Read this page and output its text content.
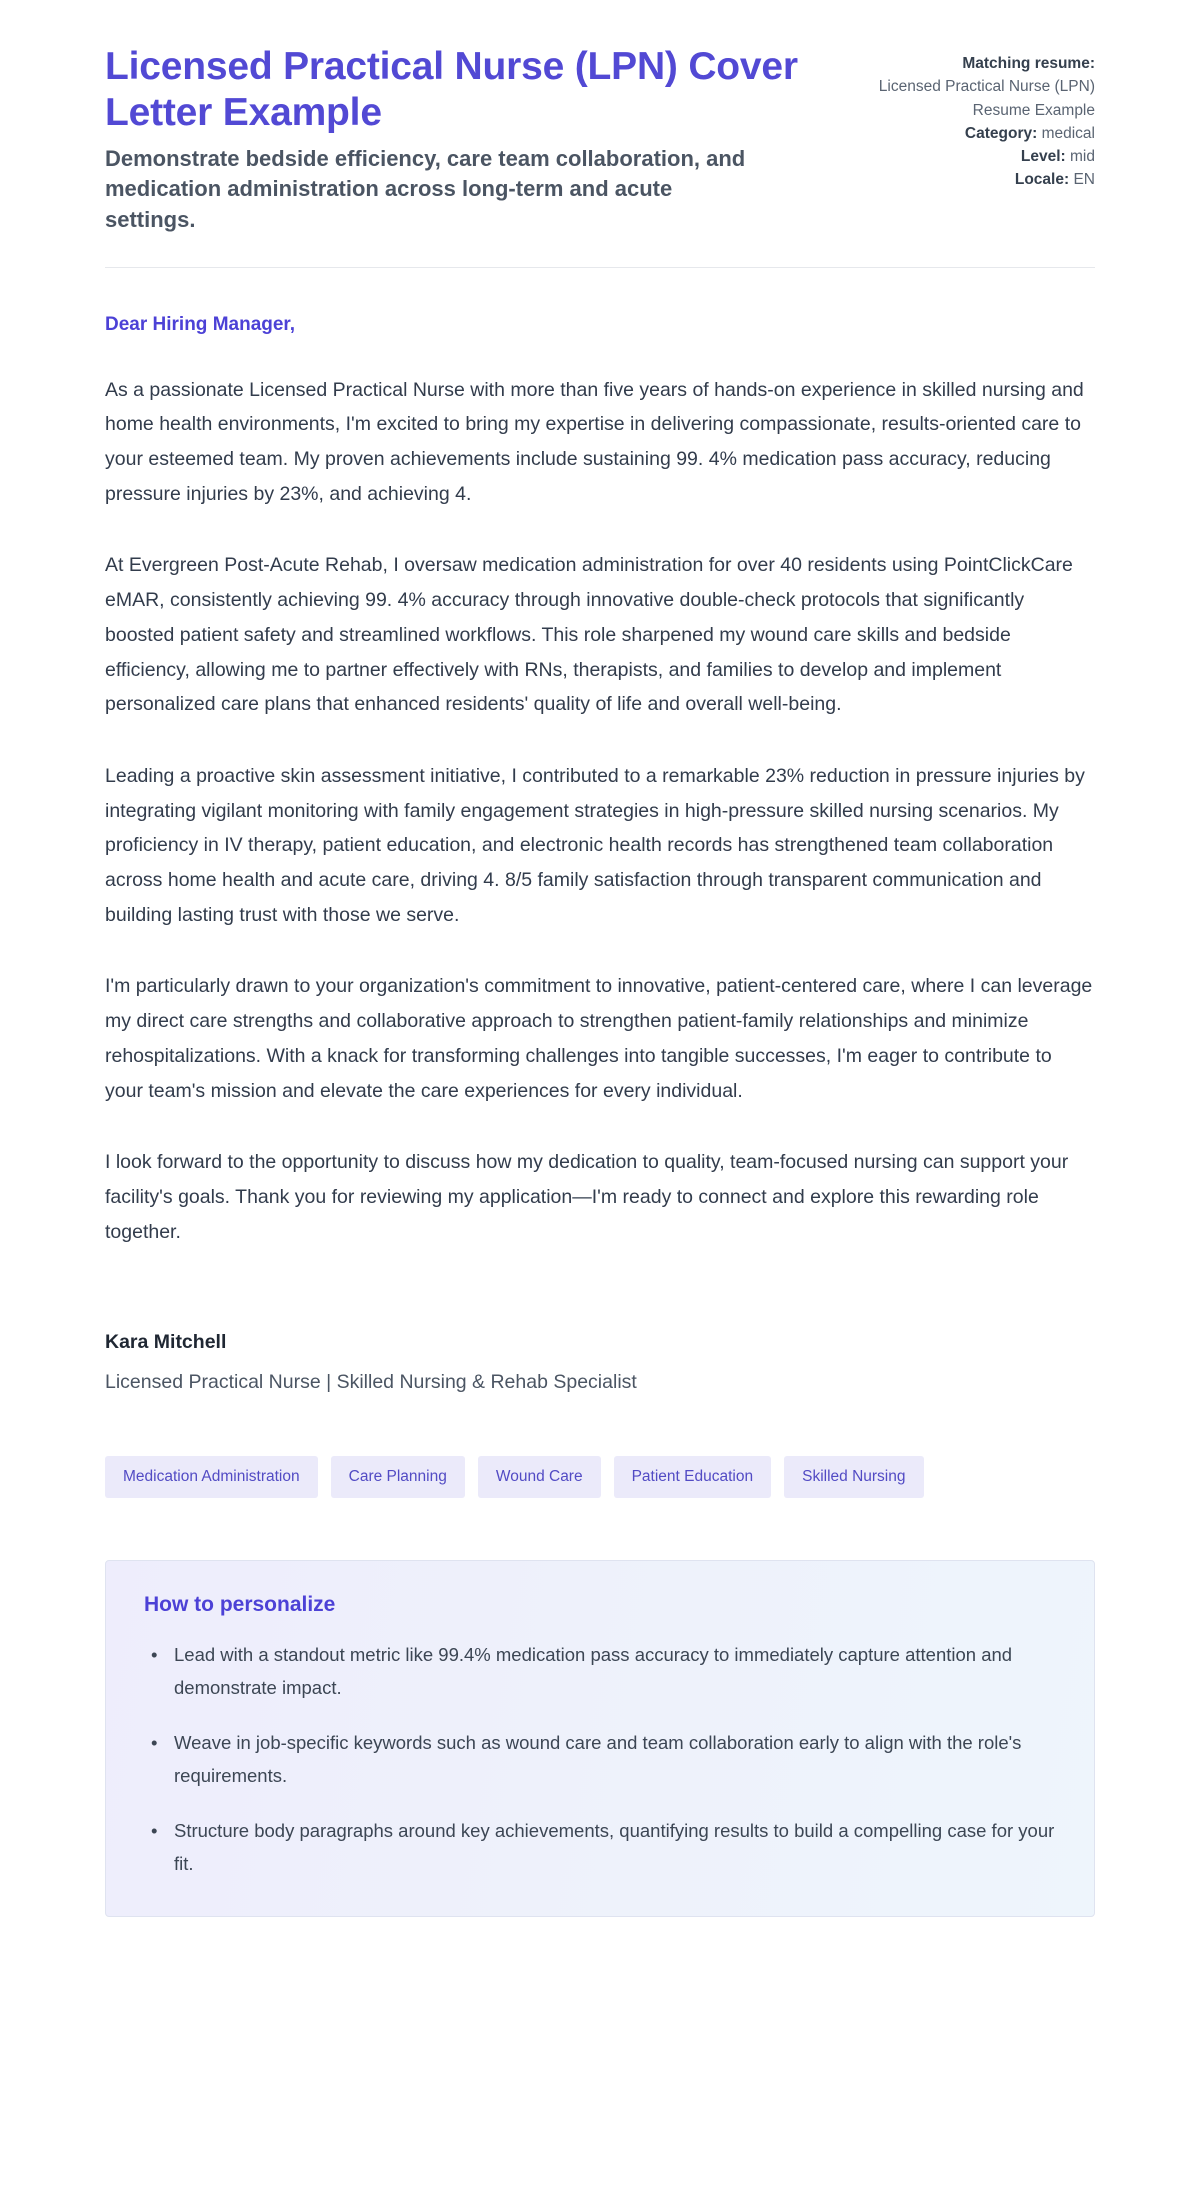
Licensed Practical Nurse (LPN) Cover Letter Example

Demonstrate bedside efficiency, care team collaboration, and medication administration across long-term and acute settings.

Matching resume:
Licensed Practical Nurse (LPN) Resume Example
Category: medical
Level: mid
Locale: EN

Dear Hiring Manager,

As a passionate Licensed Practical Nurse with more than five years of hands-on experience in skilled nursing and home health environments, I'm excited to bring my expertise in delivering compassionate, results-oriented care to your esteemed team. My proven achievements include sustaining 99. 4% medication pass accuracy, reducing pressure injuries by 23%, and achieving 4.

At Evergreen Post-Acute Rehab, I oversaw medication administration for over 40 residents using PointClickCare eMAR, consistently achieving 99. 4% accuracy through innovative double-check protocols that significantly boosted patient safety and streamlined workflows. This role sharpened my wound care skills and bedside efficiency, allowing me to partner effectively with RNs, therapists, and families to develop and implement personalized care plans that enhanced residents' quality of life and overall well-being.

Leading a proactive skin assessment initiative, I contributed to a remarkable 23% reduction in pressure injuries by integrating vigilant monitoring with family engagement strategies in high-pressure skilled nursing scenarios. My proficiency in IV therapy, patient education, and electronic health records has strengthened team collaboration across home health and acute care, driving 4. 8/5 family satisfaction through transparent communication and building lasting trust with those we serve.

I'm particularly drawn to your organization's commitment to innovative, patient-centered care, where I can leverage my direct care strengths and collaborative approach to strengthen patient-family relationships and minimize rehospitalizations. With a knack for transforming challenges into tangible successes, I'm eager to contribute to your team's mission and elevate the care experiences for every individual.

I look forward to the opportunity to discuss how my dedication to quality, team-focused nursing can support your facility's goals. Thank you for reviewing my application—I'm ready to connect and explore this rewarding role together.

Kara Mitchell

Licensed Practical Nurse | Skilled Nursing & Rehab Specialist

Medication Administration	Care Planning	Wound Care	Patient Education	Skilled Nursing
How to personalize
• Lead with a standout metric like 99.4% medication pass accuracy to immediately capture attention and demonstrate impact.
• Weave in job-specific keywords such as wound care and team collaboration early to align with the role's requirements.
• Structure body paragraphs around key achievements, quantifying results to build a compelling case for your fit.
